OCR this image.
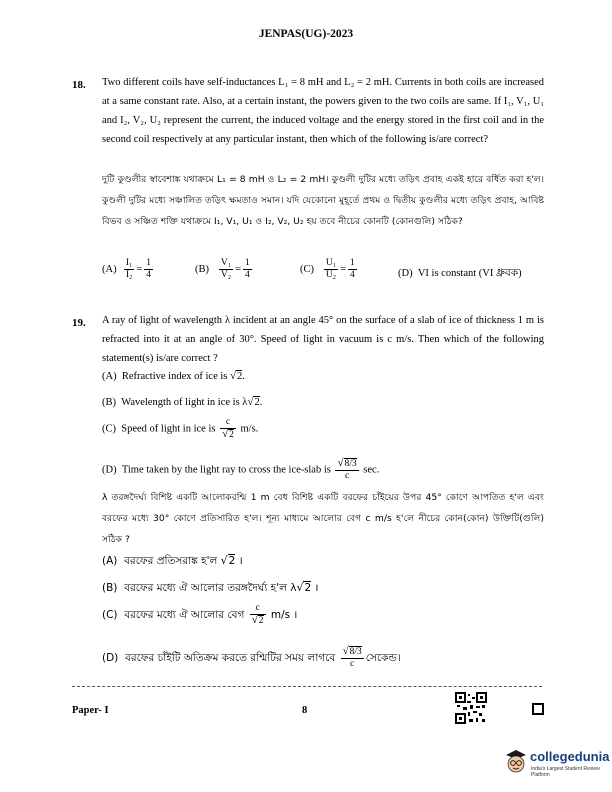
JENPAS(UG)-2023
18. Two different coils have self-inductances L₁ = 8 mH and L₂ = 2 mH. Currents in both coils are increased at a same constant rate. Also, at a certain instant, the powers given to the two coils are same. If I₁, V₁, U₁ and I₂, V₂, U₂ represent the current, the induced voltage and the energy stored in the first coil and in the second coil respectively at any particular instant, then which of the following is/are correct?
দুটি কুণ্ডলীর স্বাবেশাঙ্ক যথাক্রমে L₁ = 8 mH ও L₂ = 2 mH। কুণ্ডলী দুটির মধ্যে তড়িৎ প্রবাহ একই হারে বর্ধিত করা হ'ল। কুণ্ডলী দুটির মধ্যে সঞ্চালিত তড়িৎ ক্ষমতাও সমান। যদি যেকোনো মুহূর্তে প্রথম ও দ্বিতীয় কুণ্ডলীর মধ্যে তড়িৎ প্রবাহ, আবিষ্ট বিভব ও সঞ্চিত শক্তি যথাক্রমে I₁, V₁, U₁ ও I₂, V₂, U₂ হয় তবে নীচের কোনটি (কোনগুলি) সঠিক?
$(A) \frac{\text{I₁}}{\text{I₂}} = \frac{1}{4}$	$(B) \frac{\text{V₁}}{\text{V₂}} = \frac{1}{4}$	$(C) \frac{\text{U₁}}{\text{U₂}} = \frac{1}{4}$	(D) VI is constant (VI ধ্রুবক)
19. A ray of light of wavelength λ incident at an angle 45° on the surface of a slab of ice of thickness 1 m is refracted into it at an angle of 30°. Speed of light in vacuum is c m/s. Then which of the following statement(s) is/are correct ?
(A) Refractive index of ice is √2.
(B) Wavelength of light in ice is λ√2.
(C) Speed of light in ice is $\frac{c}{√2} m/s$.
(D) Time taken by the light ray to cross the ice-slab is $\frac{√8/3}{c} \sec$.
λ তরঙ্গদৈর্ঘ্য বিশিষ্ট একটি আলোকরশ্মি 1 m বেধ বিশিষ্ট একটি বরফের চাঁইয়ের উপর 45° কোণে আপতিত হ'ল এবং বরফের মধ্যে 30° কোণে প্রতিসারিত হ'ল। শূন্য মাধ্যমে আলোর বেগ c m/s হ'লে নীচের কোন(কোন) উক্তিটি(গুলি) সঠিক ?
(A) বরফের প্রতিসরাঙ্ক হ'ল √2 ।
(B) বরফের মধ্যে ঐ আলোর তরঙ্গদৈর্ঘ্য হ'ল λ√2 ।
(C) বরফের মধ্যে ঐ আলোর বেগ $\frac{c}{√2} m/s$ ।
(D) বরফের চাঁইটি অতিক্রম করতে রশ্মিটির সময় লাগবে $\frac{√8/3}{c}$ সেকেন্ড।
Paper- I	8
collegedunia
India's Largest Student Review Platform
